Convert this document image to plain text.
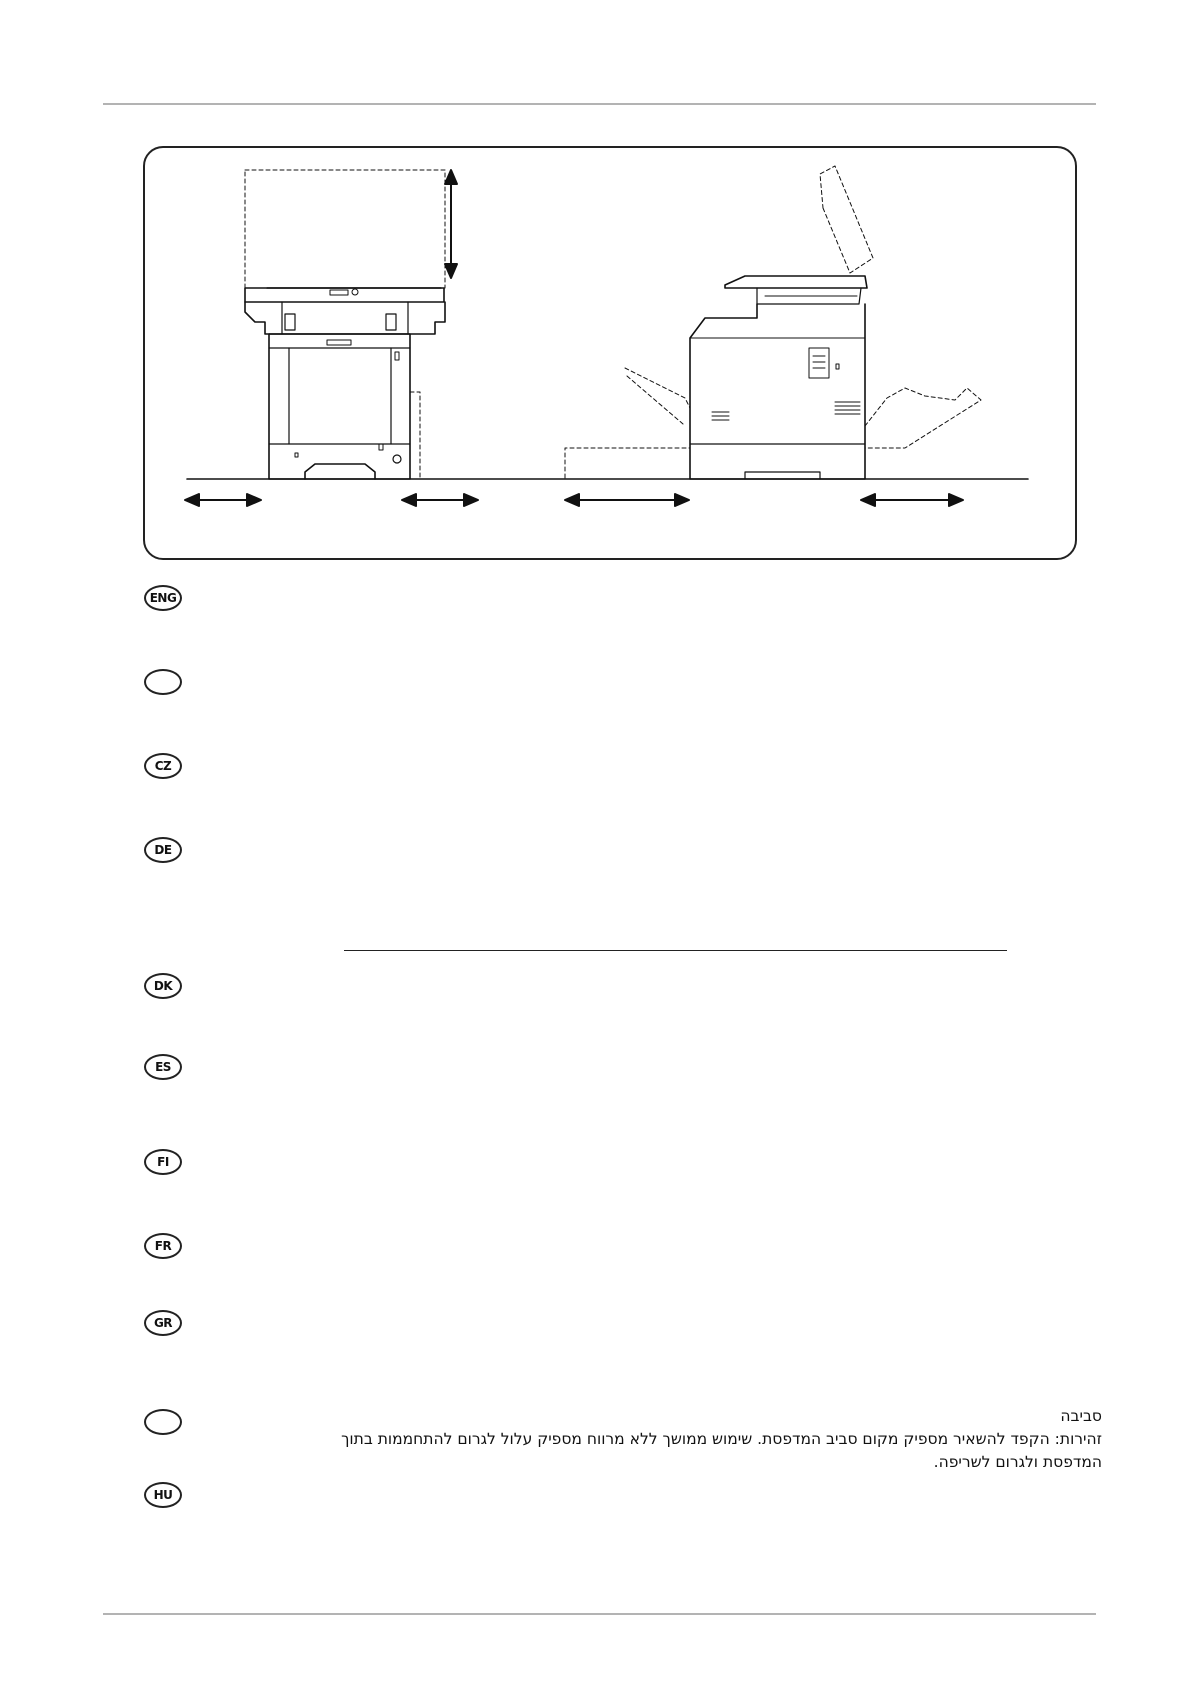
ENG
CZ
DE
DK
ES
FI
FR
GR

סביבה

זהירות: הקפד להשאיר מספיק מקום סביב המדפסת. שימוש ממושך ללא מרווח מספיק עלול לגרום להתחממות בתוך המדפסת ולגרום לשריפה.

HU
